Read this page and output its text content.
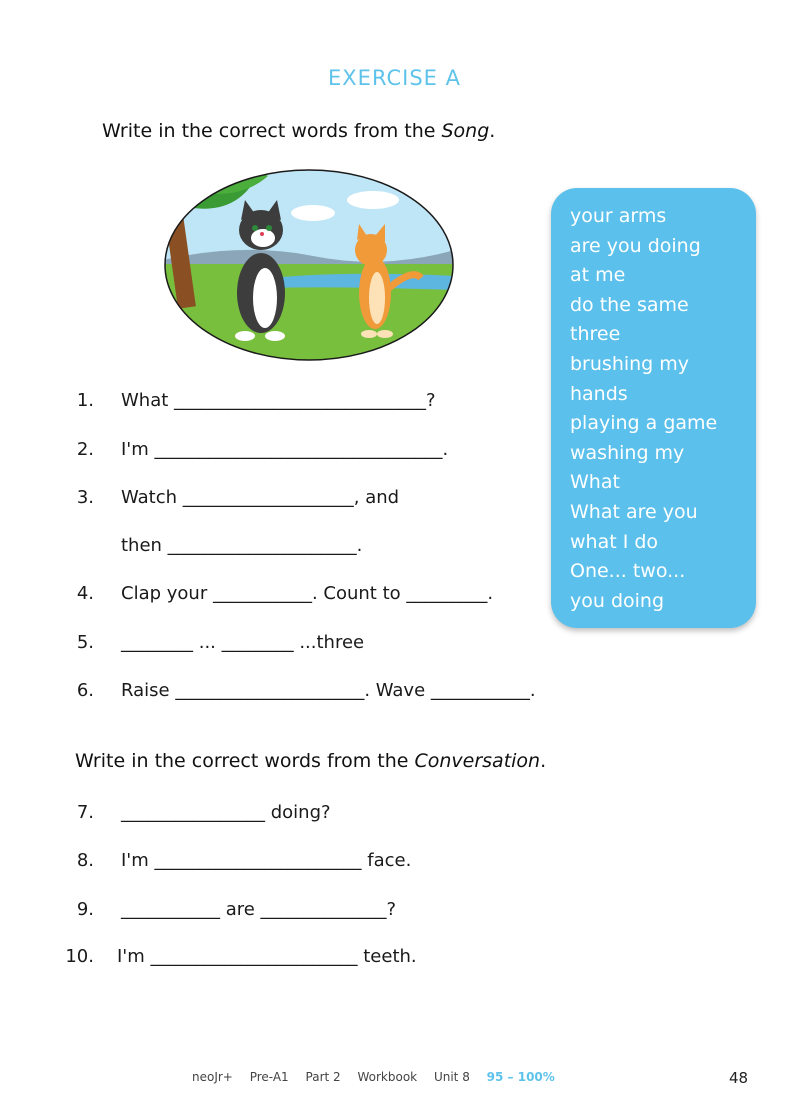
EXERCISE A
Write in the correct words from the Song.
your arms
are you doing
at me
do the same
three
brushing my
hands
playing a game
washing my
What
What are you
what I do
One... two...
you doing
1. What ____________________________?
2. I'm ________________________________.
3. Watch ___________________, and
then _____________________.
4. Clap your ___________. Count to _________.
5. ________ ... ________ ...three
6. Raise _____________________. Wave ___________.
Write in the correct words from the Conversation.
7. ________________ doing?
8. I'm _______________________ face.
9. ___________ are ______________?
10. I'm _______________________ teeth.
neoJr+ Pre-A1 Part 2 Workbook Unit 8 95 – 100%	48
